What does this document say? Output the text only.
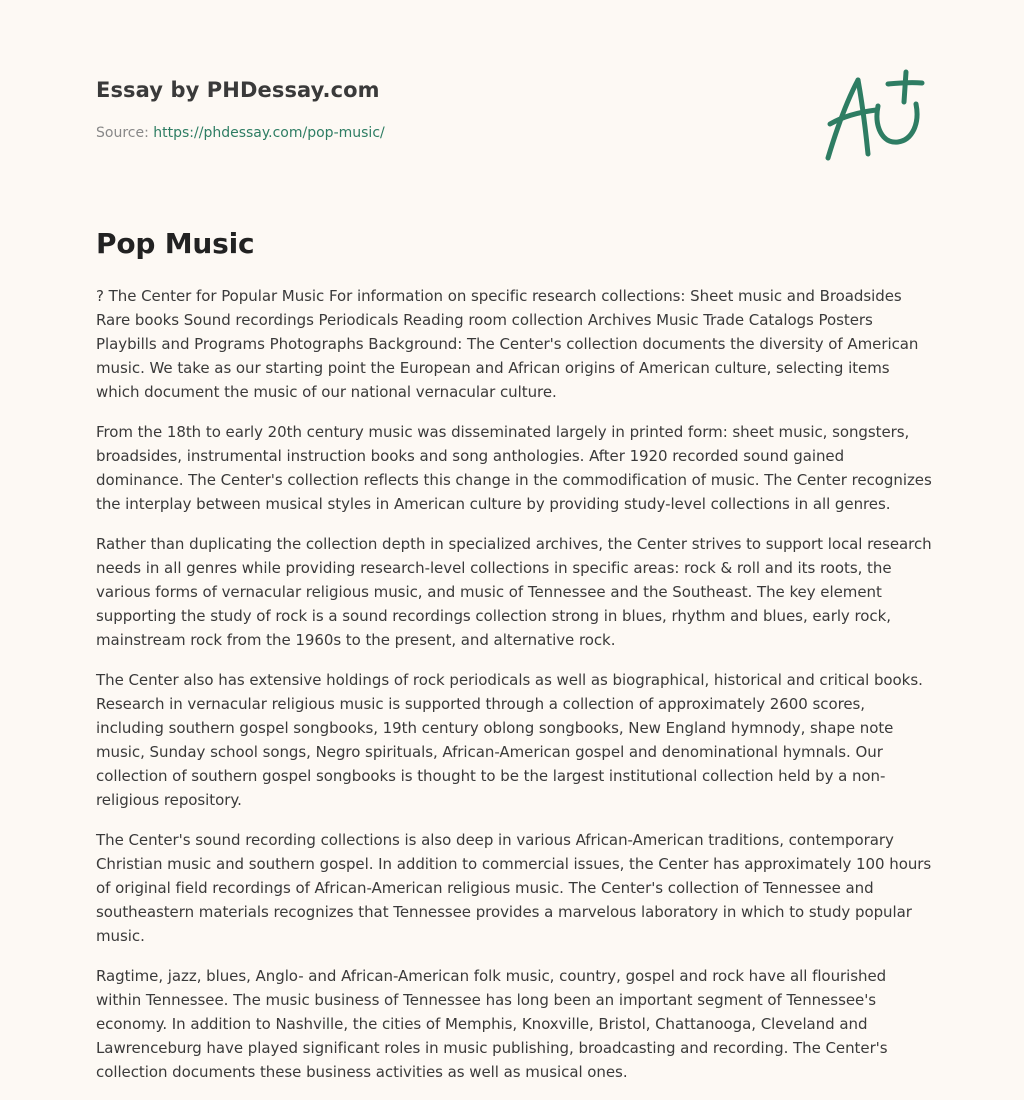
Essay by PHDessay.com
Source: https://phdessay.com/pop-music/
Pop Music

? The Center for Popular Music For information on specific research collections: Sheet music and Broadsides Rare books Sound recordings Periodicals Reading room collection Archives Music Trade Catalogs Posters Playbills and Programs Photographs Background: The Center's collection documents the diversity of American music. We take as our starting point the European and African origins of American culture, selecting items which document the music of our national vernacular culture.

From the 18th to early 20th century music was disseminated largely in printed form: sheet music, songsters, broadsides, instrumental instruction books and song anthologies. After 1920 recorded sound gained dominance. The Center's collection reflects this change in the commodification of music. The Center recognizes the interplay between musical styles in American culture by providing study-level collections in all genres.

Rather than duplicating the collection depth in specialized archives, the Center strives to support local research needs in all genres while providing research-level collections in specific areas: rock & roll and its roots, the various forms of vernacular religious music, and music of Tennessee and the Southeast. The key element supporting the study of rock is a sound recordings collection strong in blues, rhythm and blues, early rock, mainstream rock from the 1960s to the present, and alternative rock.

The Center also has extensive holdings of rock periodicals as well as biographical, historical and critical books. Research in vernacular religious music is supported through a collection of approximately 2600 scores, including southern gospel songbooks, 19th century oblong songbooks, New England hymnody, shape note music, Sunday school songs, Negro spirituals, African-American gospel and denominational hymnals. Our collection of southern gospel songbooks is thought to be the largest institutional collection held by a non-religious repository.

The Center's sound recording collections is also deep in various African-American traditions, contemporary Christian music and southern gospel. In addition to commercial issues, the Center has approximately 100 hours of original field recordings of African-American religious music. The Center's collection of Tennessee and southeastern materials recognizes that Tennessee provides a marvelous laboratory in which to study popular music.

Ragtime, jazz, blues, Anglo- and African-American folk music, country, gospel and rock have all flourished within Tennessee. The music business of Tennessee has long been an important segment of Tennessee's economy. In addition to Nashville, the cities of Memphis, Knoxville, Bristol, Chattanooga, Cleveland and Lawrenceburg have played significant roles in music publishing, broadcasting and recording. The Center's collection documents these business activities as well as musical ones.
